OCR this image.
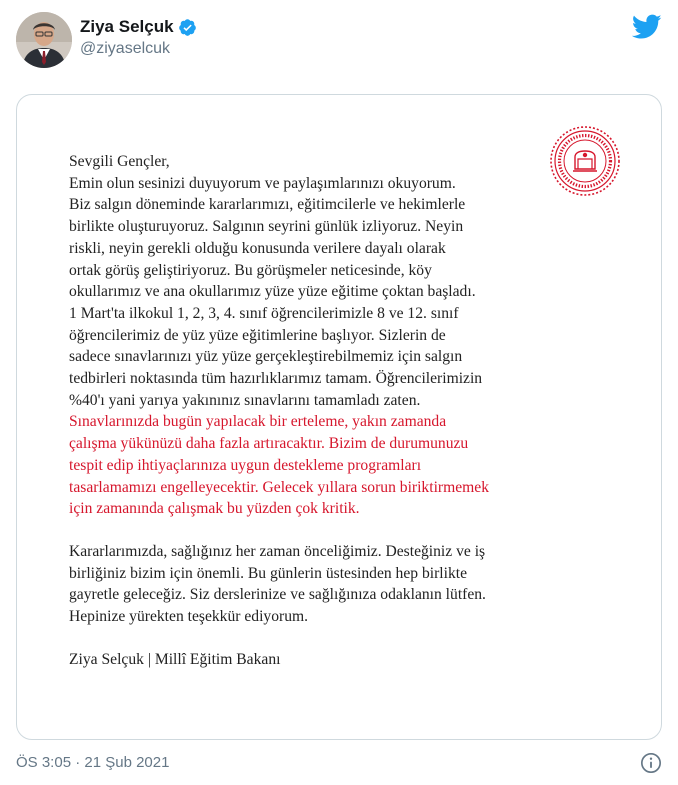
Ziya Selçuk
@ziyaselcuk

Sevgili Gençler,

Emin olun sesinizi duyuyorum ve paylaşımlarınızı okuyorum.
Biz salgın döneminde kararlarımızı, eğitimcilerle ve hekimlerle
birlikte oluşturuyoruz. Salgının seyrini günlük izliyoruz. Neyin
riskli, neyin gerekli olduğu konusunda verilere dayalı olarak
ortak görüş geliştiriyoruz. Bu görüşmeler neticesinde, köy
okullarımız ve ana okullarımız yüze yüze eğitime çoktan başladı.
1 Mart'ta ilkokul 1, 2, 3, 4. sınıf öğrencilerimizle 8 ve 12. sınıf
öğrencilerimiz de yüz yüze eğitimlerine başlıyor. Sizlerin de
sadece sınavlarınızı yüz yüze gerçekleştirebilmemiz için salgın
tedbirleri noktasında tüm hazırlıklarımız tamam. Öğrencilerimizin
%40'ı yani yarıya yakınınız sınavlarını tamamladı zaten.

Sınavlarınızda bugün yapılacak bir erteleme, yakın zamanda
çalışma yükünüzü daha fazla artıracaktır. Bizim de durumunuzu
tespit edip ihtiyaçlarınıza uygun destekleme programları
tasarlamamızı engelleyecektir. Gelecek yıllara sorun biriktirmemek
için zamanında çalışmak bu yüzden çok kritik.

Kararlarımızda, sağlığınız her zaman önceliğimiz. Desteğiniz ve iş
birliğiniz bizim için önemli. Bu günlerin üstesinden hep birlikte
gayretle geleceğiz. Siz derslerinize ve sağlığınıza odaklanın lütfen.
Hepinize yürekten teşekkür ediyorum.

Ziya Selçuk | Millî Eğitim Bakanı

ÖS 3:05 · 21 Şub 2021
